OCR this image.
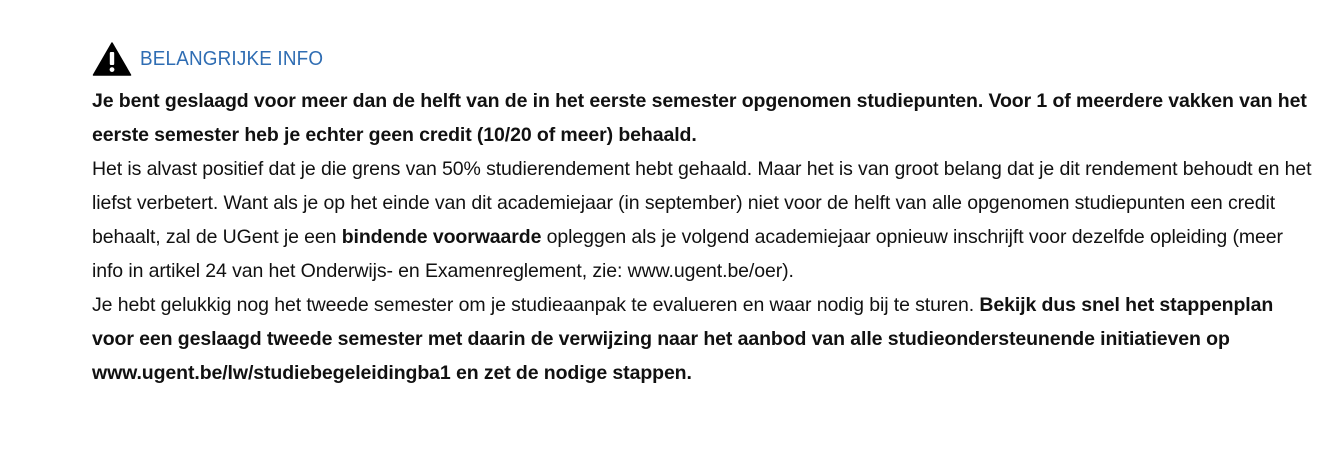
BELANGRIJKE INFO

Je bent geslaagd voor meer dan de helft van de in het eerste semester opgenomen studiepunten. Voor 1 of meerdere vakken van het eerste semester heb je echter geen credit (10/20 of meer) behaald.

Het is alvast positief dat je die grens van 50% studierendement hebt gehaald. Maar het is van groot belang dat je dit rendement behoudt en het liefst verbetert. Want als je op het einde van dit academiejaar (in september) niet voor de helft van alle opgenomen studiepunten een credit behaalt, zal de UGent je een bindende voorwaarde opleggen als je volgend academiejaar opnieuw inschrijft voor dezelfde opleiding (meer info in artikel 24 van het Onderwijs- en Examenreglement, zie: www.ugent.be/oer).

Je hebt gelukkig nog het tweede semester om je studieaanpak te evalueren en waar nodig bij te sturen. Bekijk dus snel het stappenplan voor een geslaagd tweede semester met daarin de verwijzing naar het aanbod van alle studieondersteunende initiatieven op www.ugent.be/lw/studiebegeleidingba1 en zet de nodige stappen.
